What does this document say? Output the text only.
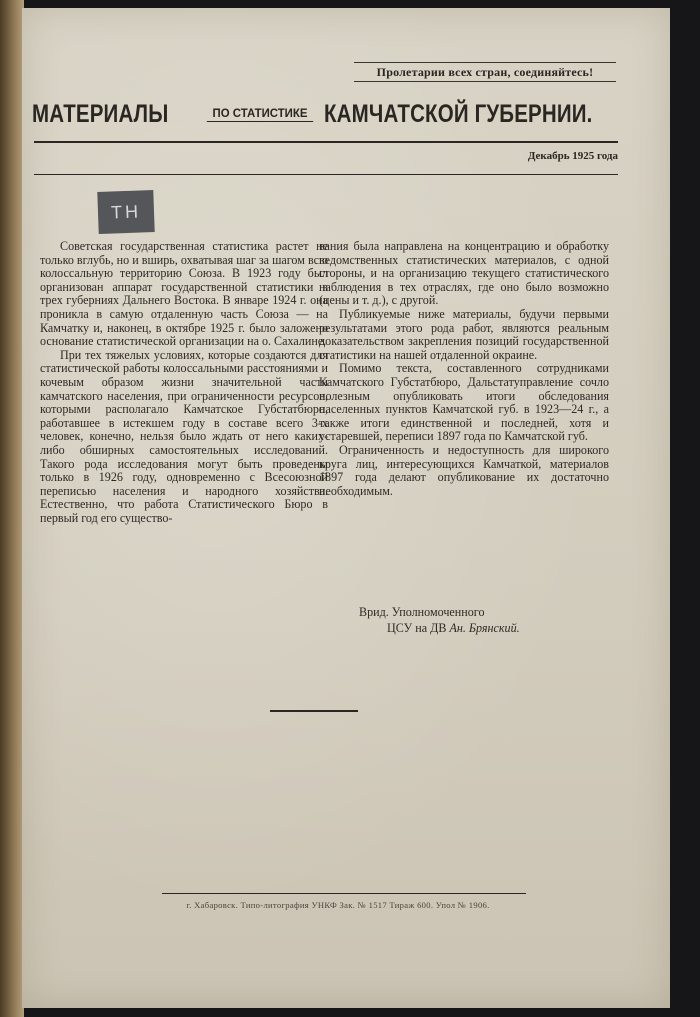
Пролетарии всех стран, соединяйтесь!
МАТЕРИАЛЫ	ПО СТАТИСТИКЕ КАМЧАТСКОЙ ГУБЕРНИИ.
Декабрь 1925 года
ТН

Советская государственная статистика растет не только вглубь, но и вширь, охватывая шаг за шагом всю колоссальную территорию Союза. В 1923 году был организован аппарат государственной статистики в трех губерниях Дальнего Востока. В январе 1924 г. она проникла в самую отдаленную часть Союза — на Камчатку и, наконец, в октябре 1925 г. было заложено основание статистической организации на о. Сахалине.

При тех тяжелых условиях, которые создаются для статистической работы колоссальными расстояниями и кочевым образом жизни значительной части камчатского населения, при ограниченности ресурсов, которыми располагало Камчатское Губстатбюро, работавшее в истекшем году в составе всего 3-х человек, конечно, нельзя было ждать от него каких-либо обширных самостоятельных исследований. Такого рода исследования могут быть проведены только в 1926 году, одновременно с Всесоюзной переписью населения и народного хозяйства. Естественно, что работа Статистического Бюро в первый год его существо-

вания была направлена на концентрацию и обработку ведомственных статистических материалов, с одной стороны, и на организацию текущего статистического наблюдения в тех отраслях, где оно было возможно (цены и т. д.), с другой.

Публикуемые ниже материалы, будучи первыми результатами этого рода работ, являются реальным доказательством закрепления позиций государственной статистики на нашей отдаленной окраине.

Помимо текста, составленного сотрудниками Камчатского Губстатбюро, Дальстатуправление сочло полезным опубликовать итоги обследования населенных пунктов Камчатской губ. в 1923—24 г., а также итоги единственной и последней, хотя и устаревшей, переписи 1897 года по Камчатской губ.

Ограниченность и недоступность для широкого круга лиц, интересующихся Камчаткой, материалов 1897 года делают опубликование их достаточно необходимым.

Врид. Уполномоченного
ЦСУ на ДВ Ан. Брянский.
г. Хабаровск. Типо-литография УНКФ Зак. № 1517 Тираж 600. Упол № 1906.
